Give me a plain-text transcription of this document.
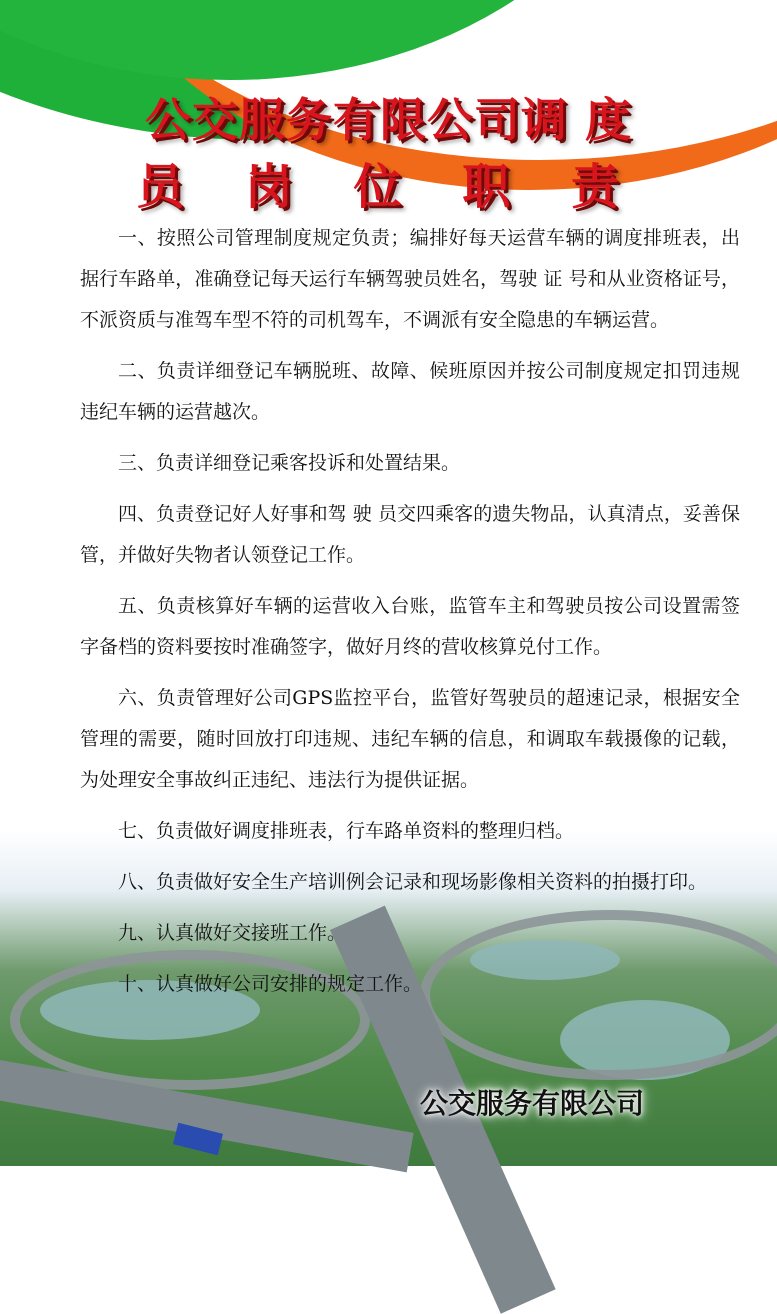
公交服务有限公司调 度
员 岗 位 职 责

一、按照公司管理制度规定负责；编排好每天运营车辆的调度排班表，出据行车路单，准确登记每天运行车辆驾驶员姓名，驾驶 证 号和从业资格证号，不派资质与准驾车型不符的司机驾车，不调派有安全隐患的车辆运营。

二、负责详细登记车辆脱班、故障、候班原因并按公司制度规定扣罚违规违纪车辆的运营越次。

三、负责详细登记乘客投诉和处置结果。

四、负责登记好人好事和驾 驶 员交四乘客的遗失物品，认真清点，妥善保管，并做好失物者认领登记工作。

五、负责核算好车辆的运营收入台账，监管车主和驾驶员按公司设置需签字备档的资料要按时准确签字，做好月终的营收核算兑付工作。

六、负责管理好公司GPS监控平台，监管好驾驶员的超速记录，根据安全管理的需要，随时回放打印违规、违纪车辆的信息，和调取车载摄像的记载，为处理安全事故纠正违纪、违法行为提供证据。

七、负责做好调度排班表，行车路单资料的整理归档。

八、负责做好安全生产培训例会记录和现场影像相关资料的拍摄打印。

九、认真做好交接班工作。

十、认真做好公司安排的规定工作。

公交服务有限公司
